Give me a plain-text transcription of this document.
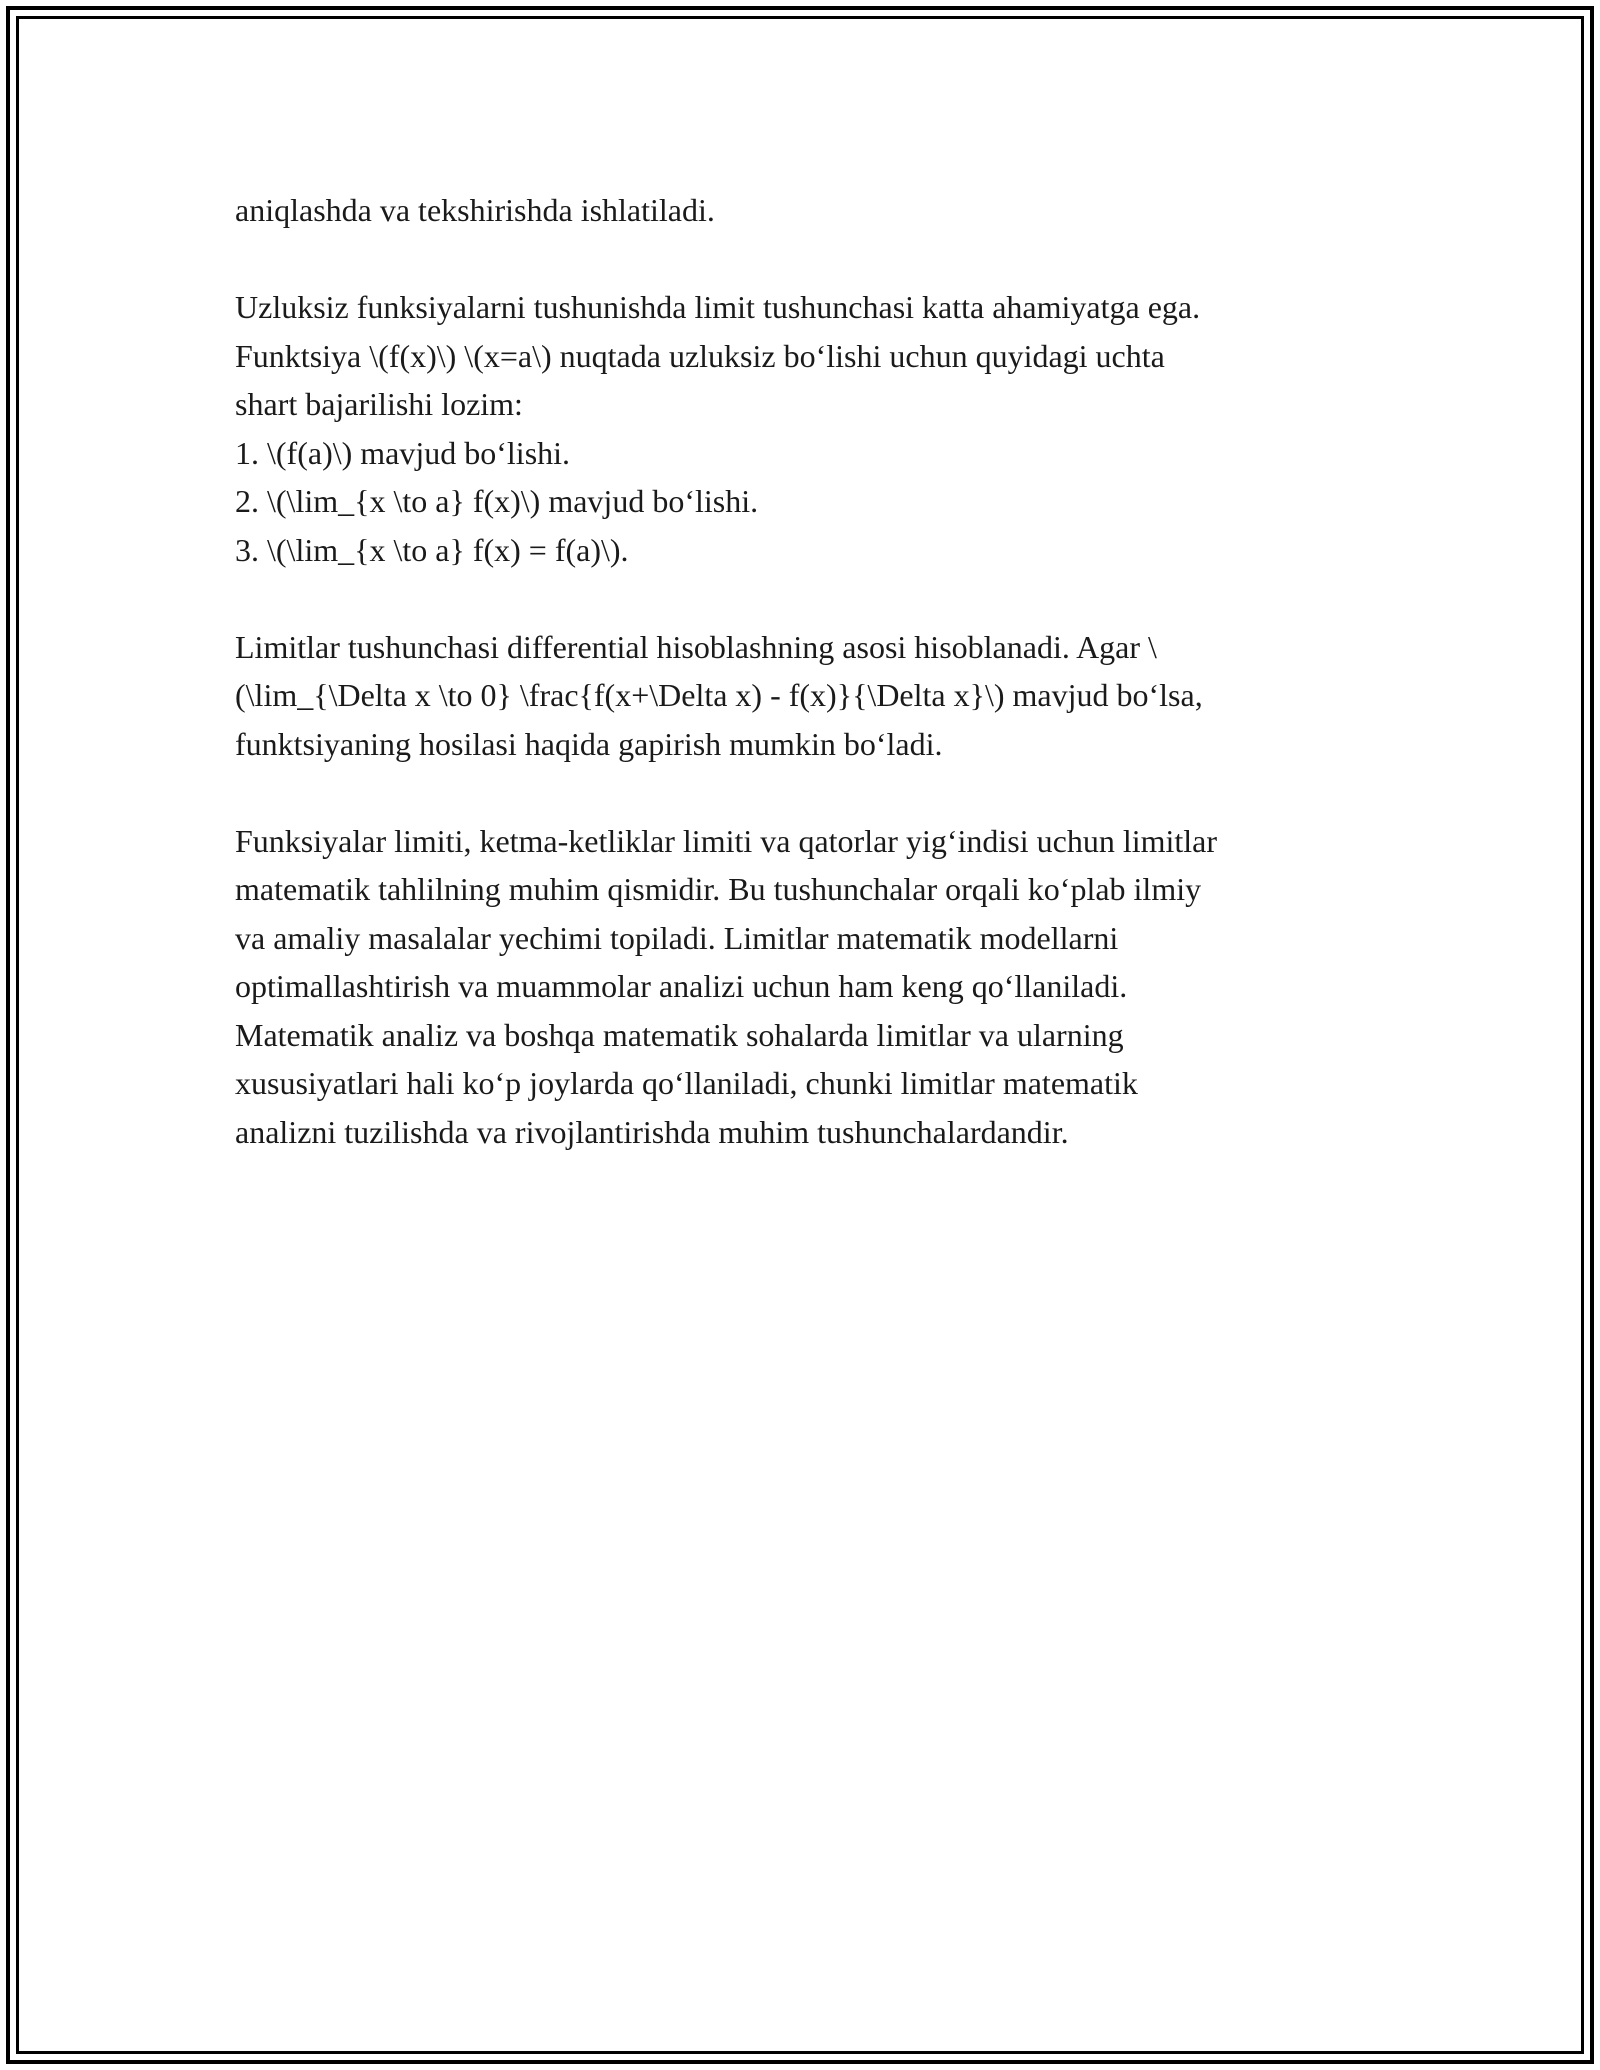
aniqlashda va tekshirishda ishlatiladi.

Uzluksiz funksiyalarni tushunishda limit tushunchasi katta ahamiyatga ega.
Funktsiya \(f(x)\) \(x=a\) nuqtada uzluksiz bo‘lishi uchun quyidagi uchta
shart bajarilishi lozim:
1. \(f(a)\) mavjud bo‘lishi.
2. \(\lim_{x \to a} f(x)\) mavjud bo‘lishi.
3. \(\lim_{x \to a} f(x) = f(a)\).

Limitlar tushunchasi differential hisoblashning asosi hisoblanadi. Agar \
(\lim_{\Delta x \to 0} \frac{f(x+\Delta x) - f(x)}{\Delta x}\) mavjud bo‘lsa,
funktsiyaning hosilasi haqida gapirish mumkin bo‘ladi.

Funksiyalar limiti, ketma-ketliklar limiti va qatorlar yig‘indisi uchun limitlar
matematik tahlilning muhim qismidir. Bu tushunchalar orqali ko‘plab ilmiy
va amaliy masalalar yechimi topiladi. Limitlar matematik modellarni
optimallashtirish va muammolar analizi uchun ham keng qo‘llaniladi.
Matematik analiz va boshqa matematik sohalarda limitlar va ularning
xususiyatlari hali ko‘p joylarda qo‘llaniladi, chunki limitlar matematik
analizni tuzilishda va rivojlantirishda muhim tushunchalardandir.
